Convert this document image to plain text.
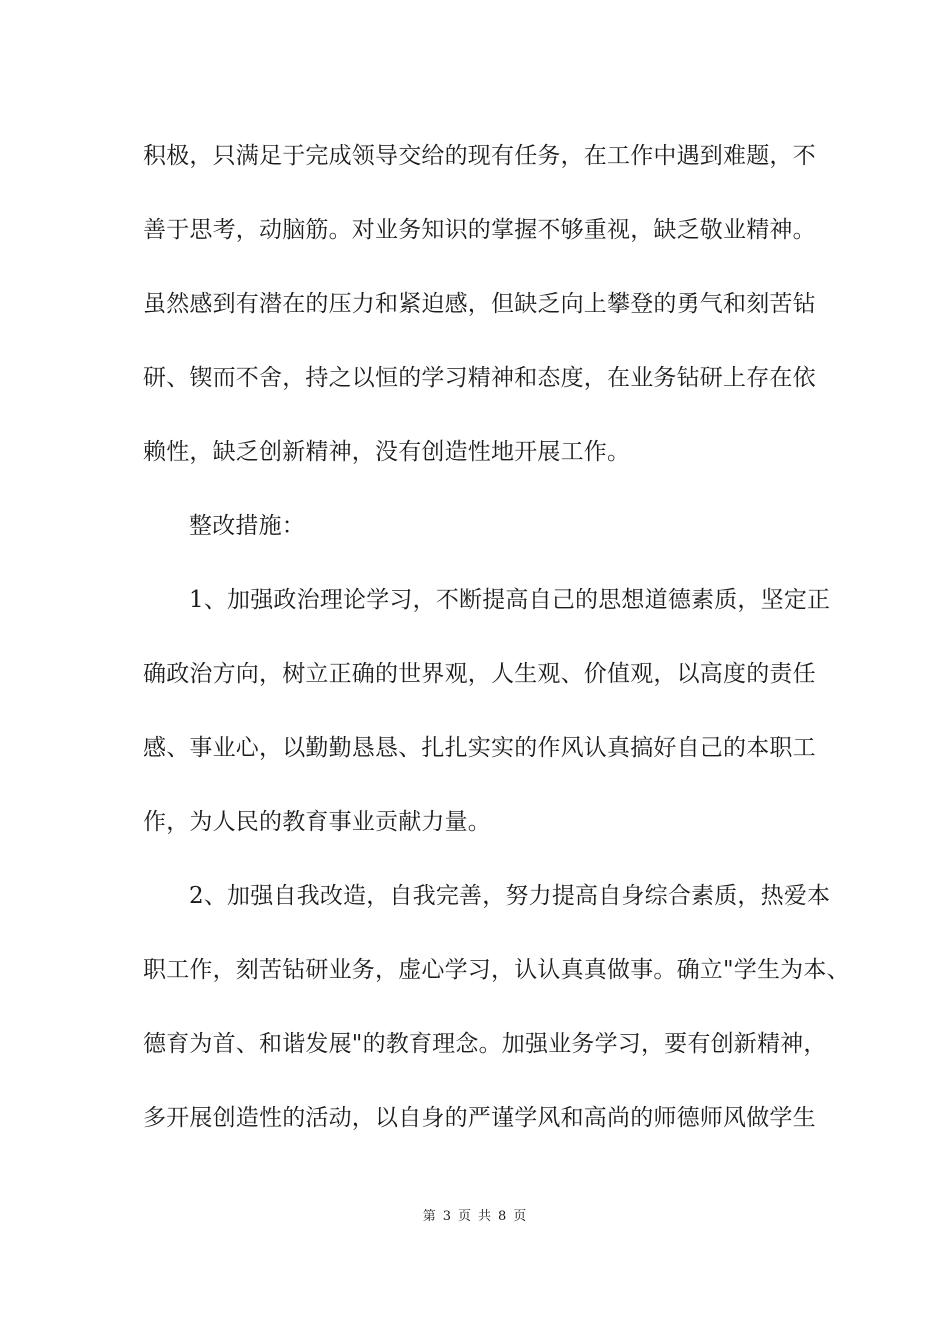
积极，只满足于完成领导交给的现有任务，在工作中遇到难题，不
善于思考，动脑筋。对业务知识的掌握不够重视，缺乏敬业精神。
虽然感到有潜在的压力和紧迫感，但缺乏向上攀登的勇气和刻苦钻
研、锲而不舍，持之以恒的学习精神和态度，在业务钻研上存在依
赖性，缺乏创新精神，没有创造性地开展工作。
整改措施：
1、加强政治理论学习，不断提高自己的思想道德素质，坚定正
确政治方向，树立正确的世界观，人生观、价值观，以高度的责任
感、事业心，以勤勤恳恳、扎扎实实的作风认真搞好自己的本职工
作，为人民的教育事业贡献力量。
2、加强自我改造，自我完善，努力提高自身综合素质，热爱本
职工作，刻苦钻研业务，虚心学习，认认真真做事。确立"学生为本、
德育为首、和谐发展"的教育理念。加强业务学习，要有创新精神，
多开展创造性的活动，以自身的严谨学风和高尚的师德师风做学生
第 3 页 共 8 页
